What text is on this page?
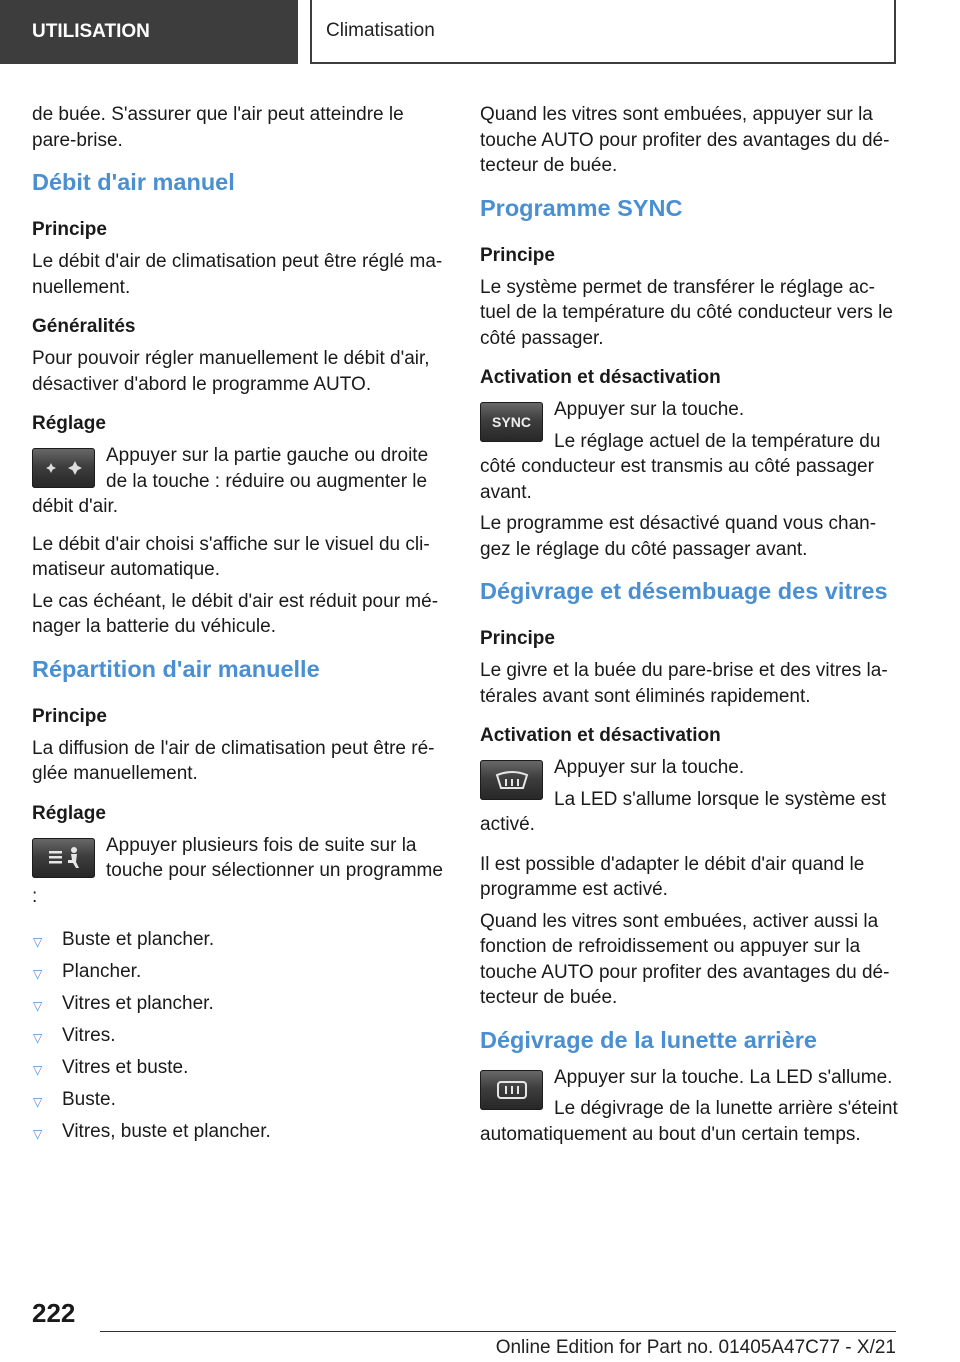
UTILISATION	Climatisation

de buée. S'assurer que l'air peut atteindre le pare-brise.

Débit d'air manuel
Principe

Le débit d'air de climatisation peut être réglé manuellement.

Généralités

Pour pouvoir régler manuellement le débit d'air, désactiver d'abord le programme AUTO.

Réglage

Appuyer sur la partie gauche ou droite de la touche : réduire ou augmenter le débit d'air.

Le débit d'air choisi s'affiche sur le visuel du climatiseur automatique.

Le cas échéant, le débit d'air est réduit pour ménager la batterie du véhicule.

Répartition d'air manuelle
Principe

La diffusion de l'air de climatisation peut être réglée manuellement.

Réglage

Appuyer plusieurs fois de suite sur la touche pour sélectionner un programme :

▽ Buste et plancher.
▽ Plancher.
▽ Vitres et plancher.
▽ Vitres.
▽ Vitres et buste.
▽ Buste.
▽ Vitres, buste et plancher.

Quand les vitres sont embuées, appuyer sur la touche AUTO pour profiter des avantages du détecteur de buée.

Programme SYNC
Principe

Le système permet de transférer le réglage actuel de la température du côté conducteur vers le côté passager.

Activation et désactivation
SYNC

Appuyer sur la touche.

Le réglage actuel de la température du côté conducteur est transmis au côté passager avant.

Le programme est désactivé quand vous changez le réglage du côté passager avant.

Dégivrage et désembuage des vitres
Principe

Le givre et la buée du pare-brise et des vitres latérales avant sont éliminés rapidement.

Activation et désactivation

Appuyer sur la touche.

La LED s'allume lorsque le système est activé.

Il est possible d'adapter le débit d'air quand le programme est activé.

Quand les vitres sont embuées, activer aussi la fonction de refroidissement ou appuyer sur la touche AUTO pour profiter des avantages du détecteur de buée.

Dégivrage de la lunette arrière

Appuyer sur la touche. La LED s'allume.

Le dégivrage de la lunette arrière s'éteint automatiquement au bout d'un certain temps.

222
Online Edition for Part no. 01405A47C77 - X/21
